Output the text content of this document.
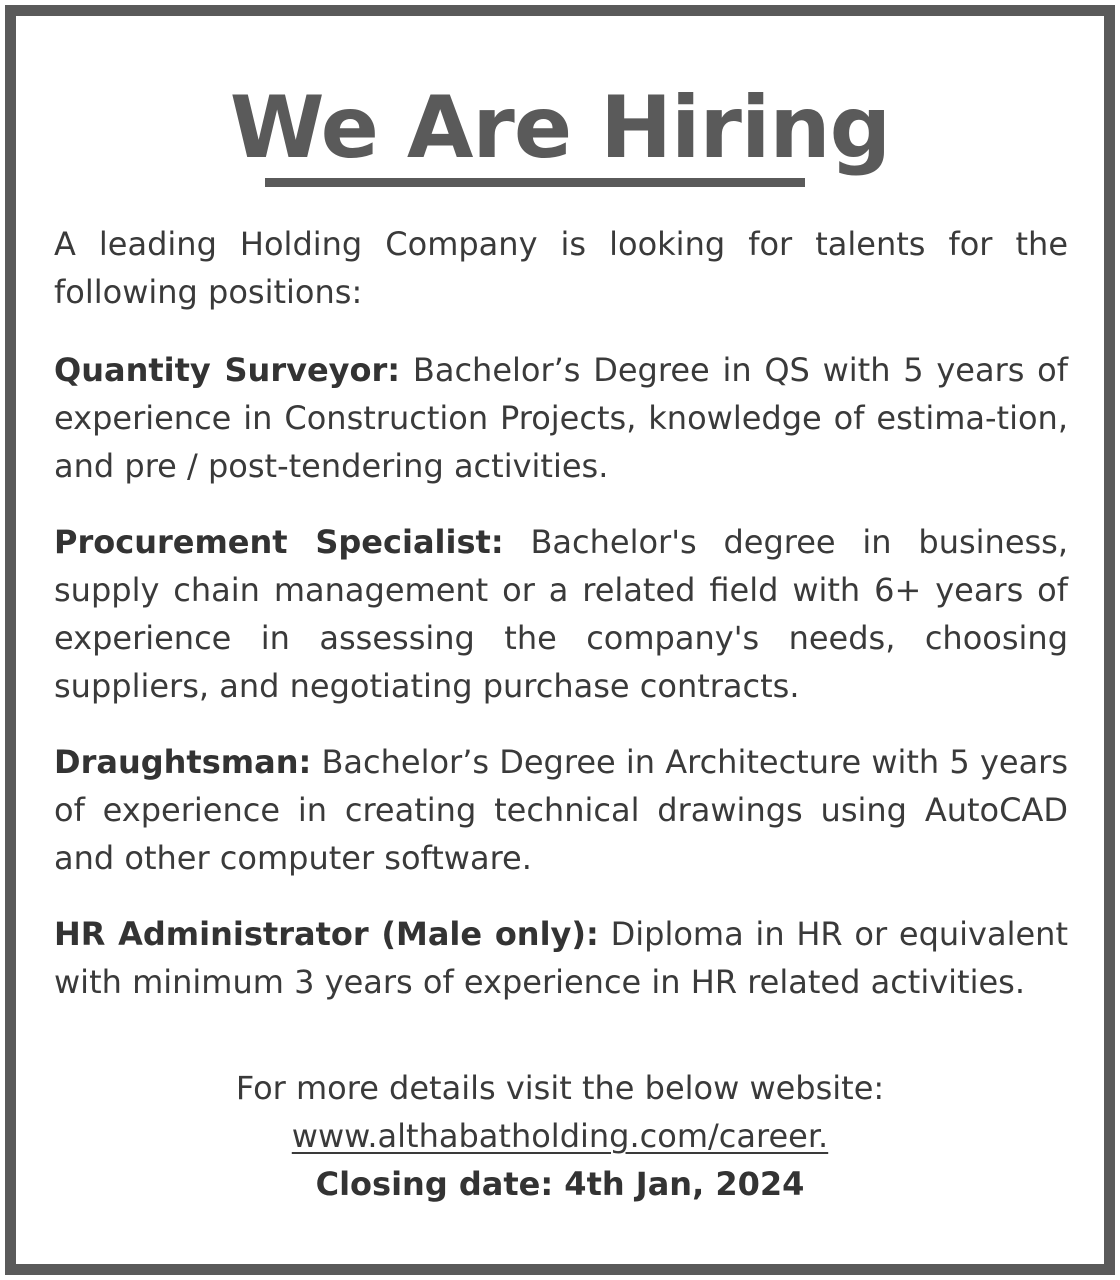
We Are Hiring

A leading Holding Company is looking for talents for the following positions:

Quantity Surveyor: Bachelor’s Degree in QS with 5 years of experience in Construction Projects, knowledge of estima-tion, and pre / post-tendering activities.

Procurement Specialist: Bachelor's degree in business, supply chain management or a related field with 6+ years of experience in assessing the company's needs, choosing suppliers, and negotiating purchase contracts.

Draughtsman: Bachelor’s Degree in Architecture with 5 years of experience in creating technical drawings using AutoCAD and other computer software.

HR Administrator (Male only): Diploma in HR or equivalent with minimum 3 years of experience in HR related activities.

For more details visit the below website:
www.althabatholding.com/career.
Closing date: 4th Jan, 2024
